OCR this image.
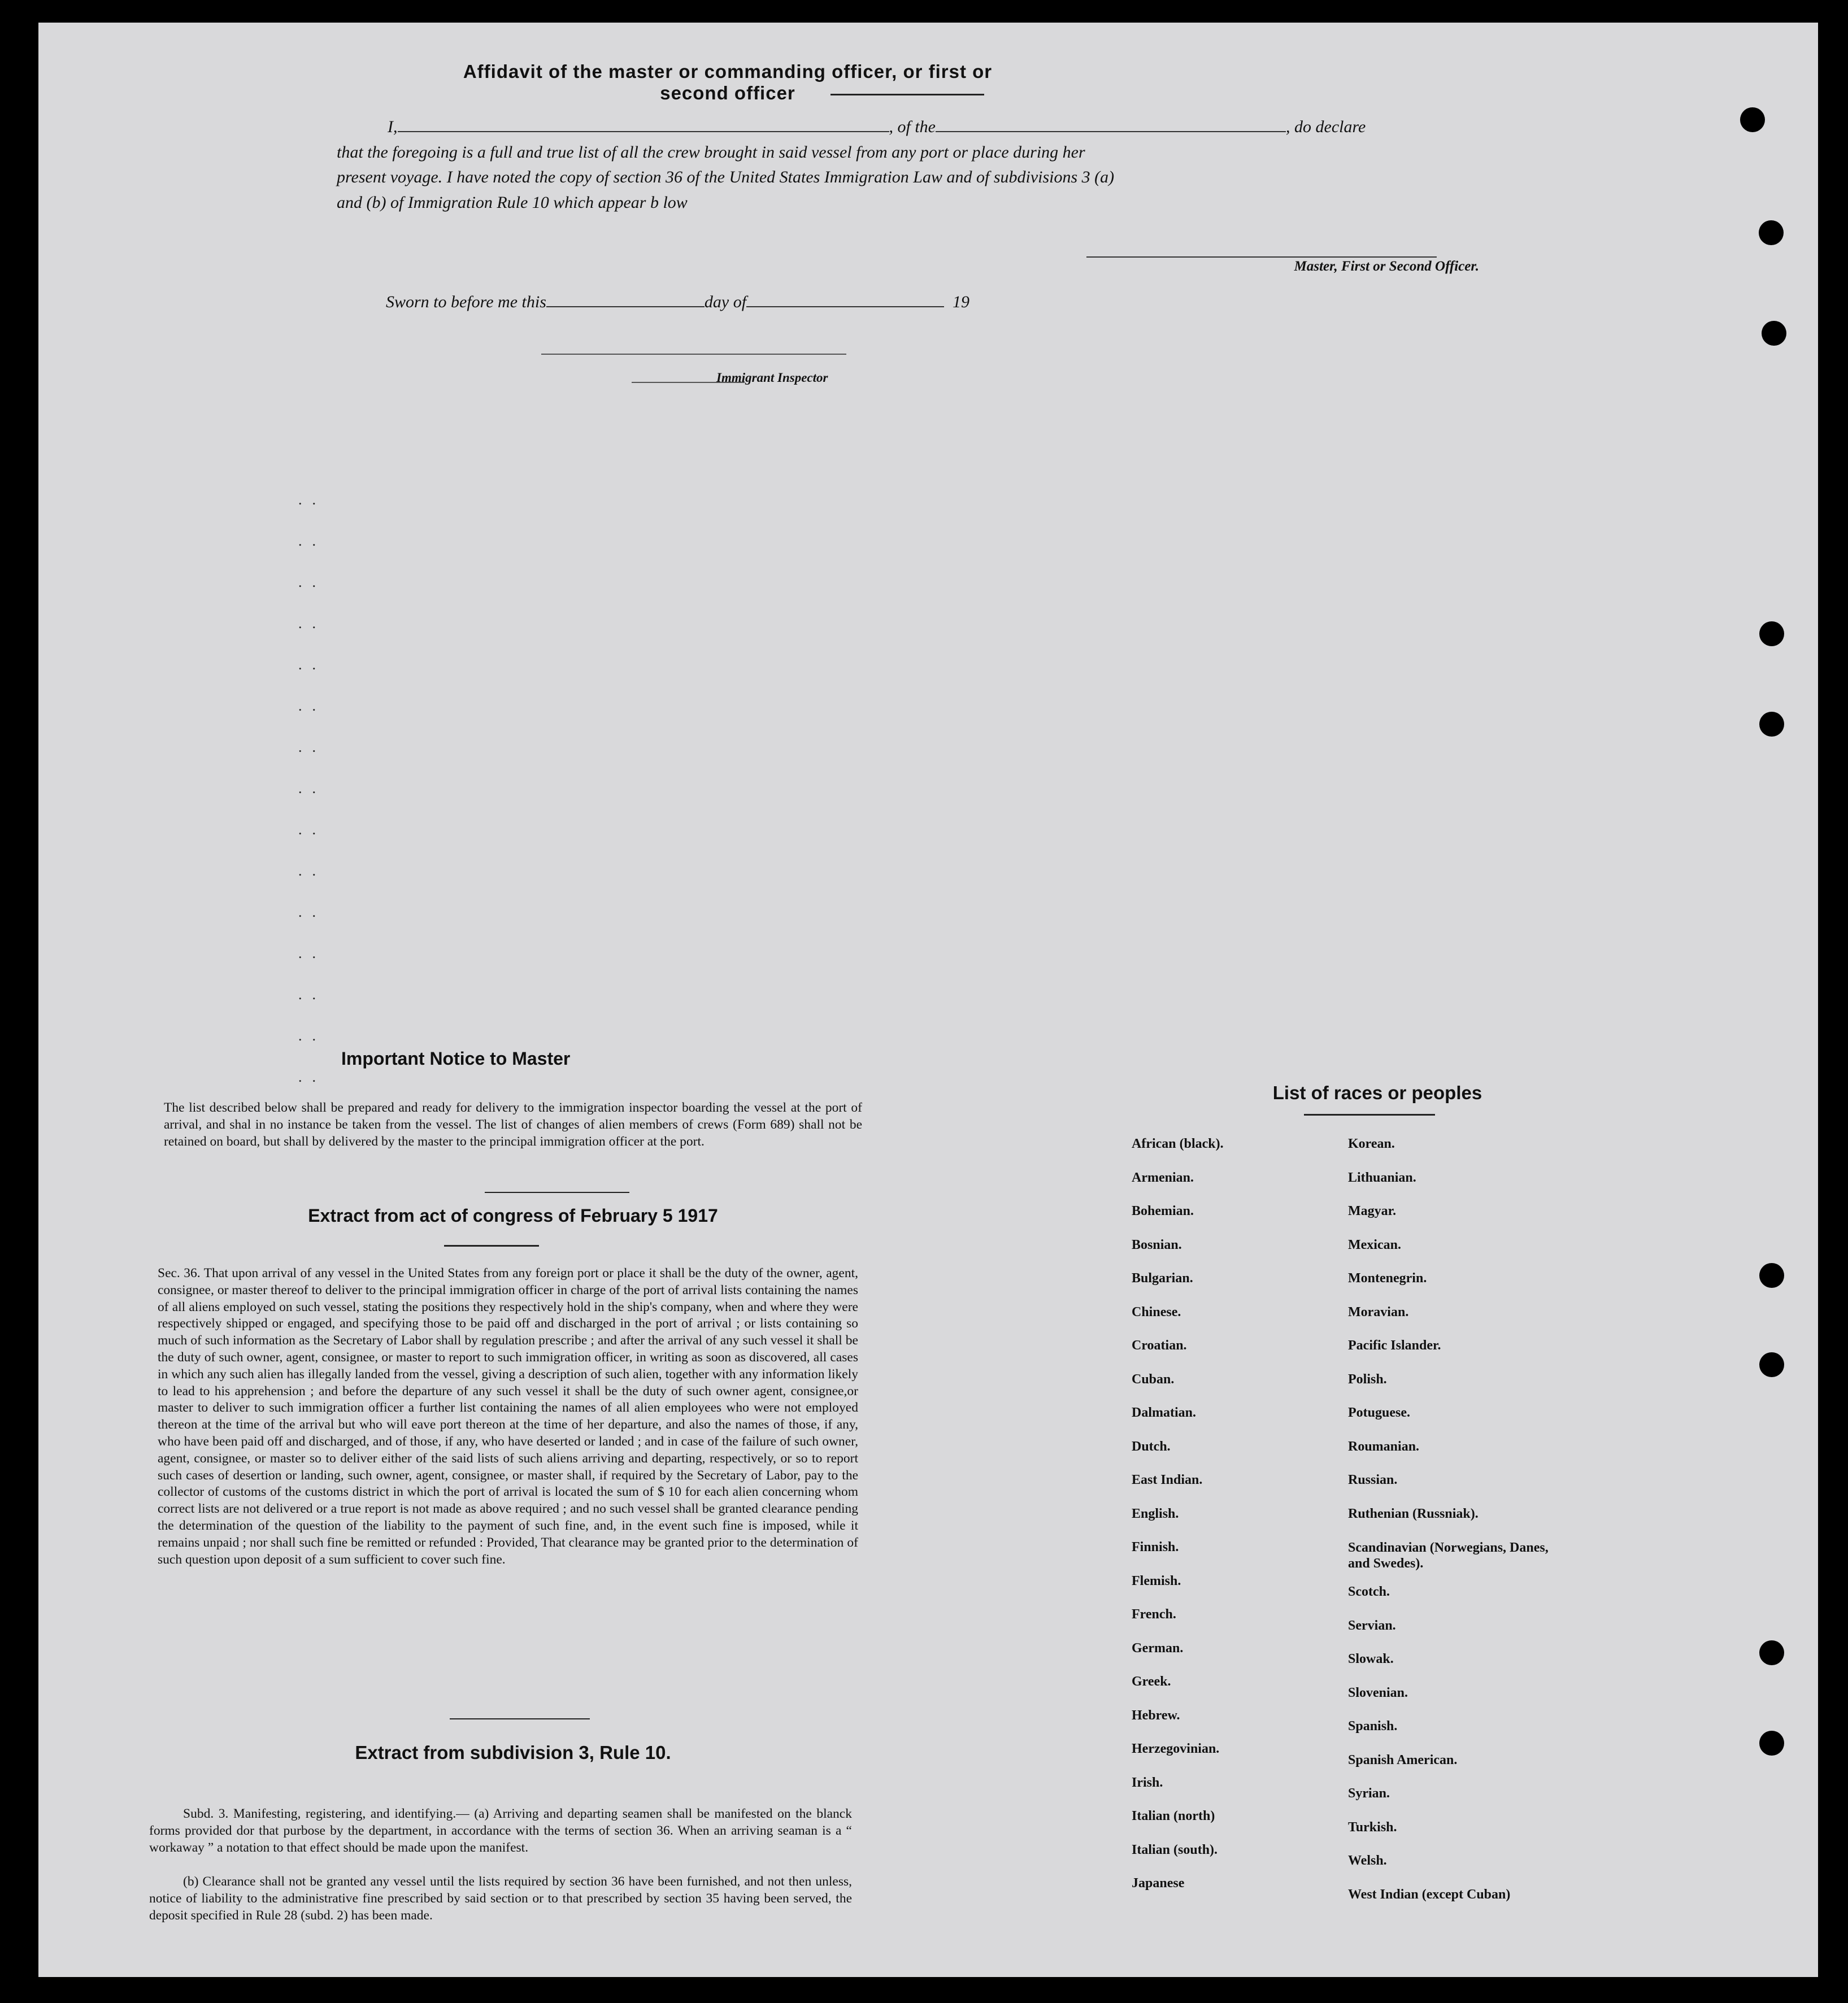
Affidavit of the master or commanding officer, or first or second officer
I,	, of the	, do declare
that the foregoing is a full and true list of all the crew brought in said vessel from any port or place during her
present voyage. I have noted the copy of section 36 of the United States Immigration Law and of subdivisions 3 (a)
and (b) of Immigration Rule 10 which appear b low
Master, First or Second Officer.
Sworn to before me this	day of	19
Immigrant Inspector
..
..
..
..
..
..
..
..
..
..
..
..
..
..
..
Important Notice to Master
The list described below shall be prepared and ready for delivery to the immigration inspector boarding the vessel at the port of arrival, and shal in no instance be taken from the vessel. The list of changes of alien members of crews (Form 689) shall not be retained on board, but shall by delivered by the master to the principal immigration officer at the port.
Extract from act of congress of February 5 1917
Sec. 36. That upon arrival of any vessel in the United States from any foreign port or place it shall be the duty of the owner, agent, consignee, or master thereof to deliver to the principal immigration officer in charge of the port of arrival lists containing the names of all aliens employed on such vessel, stating the positions they respectively hold in the ship's company, when and where they were respectively shipped or engaged, and specifying those to be paid off and discharged in the port of arrival ; or lists containing so much of such information as the Secretary of Labor shall by regulation prescribe ; and after the arrival of any such vessel it shall be the duty of such owner, agent, consignee, or master to report to such immigration officer, in writing as soon as discovered, all cases in which any such alien has illegally landed from the vessel, giving a description of such alien, together with any information likely to lead to his apprehension ; and before the departure of any such vessel it shall be the duty of such owner agent, consignee,or master to deliver to such immigration officer a further list containing the names of all alien employees who were not employed thereon at the time of the arrival but who will eave port thereon at the time of her departure, and also the names of those, if any, who have been paid off and discharged, and of those, if any, who have deserted or landed ; and in case of the failure of such owner, agent, consignee, or master so to deliver either of the said lists of such aliens arriving and departing, respectively, or so to report such cases of desertion or landing, such owner, agent, consignee, or master shall, if required by the Secretary of Labor, pay to the collector of customs of the customs district in which the port of arrival is located the sum of $ 10 for each alien concerning whom correct lists are not delivered or a true report is not made as above required ; and no such vessel shall be granted clearance pending the determination of the question of the liability to the payment of such fine, and, in the event such fine is imposed, while it remains unpaid ; nor shall such fine be remitted or refunded : Provided, That clearance may be granted prior to the determination of such question upon deposit of a sum sufficient to cover such fine.
Extract from subdivision 3, Rule 10.
Subd. 3. Manifesting, registering, and identifying.— (a) Arriving and departing seamen shall be manifested on the blanck forms provided dor that purbose by the department, in accordance with the terms of section 36. When an arriving seaman is a “ workaway ” a notation to that effect should be made upon the manifest.
(b) Clearance shall not be granted any vessel until the lists required by section 36 have been furnished, and not then unless, notice of liability to the administrative fine prescribed by said section or to that prescribed by section 35 having been served, the deposit specified in Rule 28 (subd. 2) has been made.
List of races or peoples
African (black).
Armenian.
Bohemian.
Bosnian.
Bulgarian.
Chinese.
Croatian.
Cuban.
Dalmatian.
Dutch.
East Indian.
English.
Finnish.
Flemish.
French.
German.
Greek.
Hebrew.
Herzegovinian.
Irish.
Italian (north)
Italian (south).
Japanese
Korean.
Lithuanian.
Magyar.
Mexican.
Montenegrin.
Moravian.
Pacific Islander.
Polish.
Potuguese.
Roumanian.
Russian.
Ruthenian (Russniak).
Scandinavian (Norwegians, Danes, and Swedes).
Scotch.
Servian.
Slowak.
Slovenian.
Spanish.
Spanish American.
Syrian.
Turkish.
Welsh.
West Indian (except Cuban)
